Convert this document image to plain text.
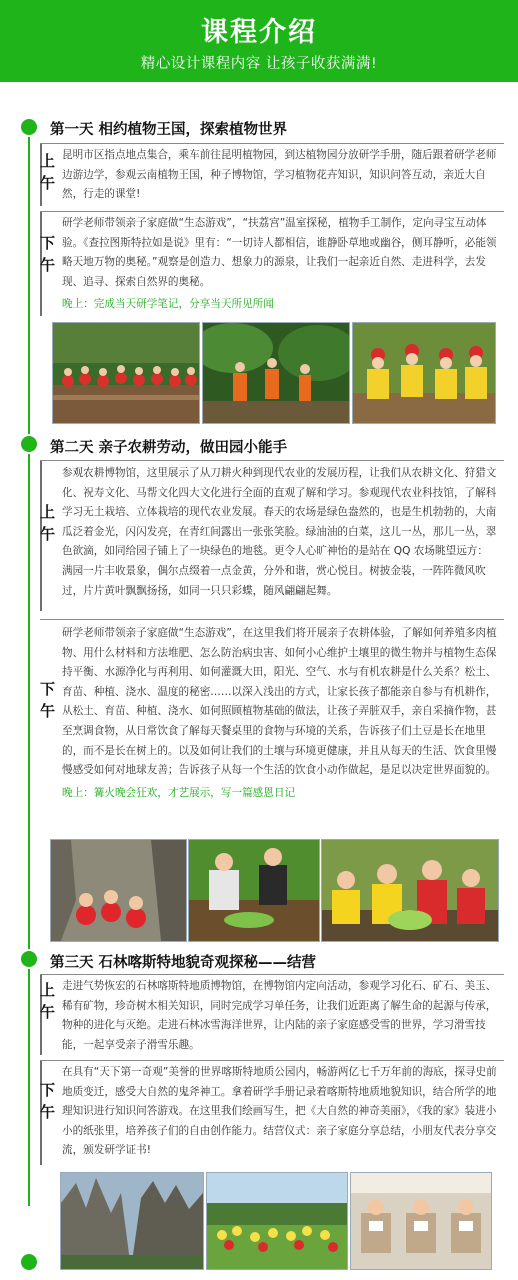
课程介绍
精心设计课程内容 让孩子收获满满!
第一天 相约植物王国，探索植物世界
上
午
昆明市区指点地点集合，乘车前往昆明植物园，到达植物园分放研学手册，随后跟着研学老师边游边学，参观云南植物王国，种子博物馆，学习植物花卉知识，知识问答互动，亲近大自然，行走的课堂!
下
午
研学老师带领亲子家庭做“生态游戏”，“扶荔宫”温室探秘，植物手工制作，定向寻宝互动体验。《查拉图斯特拉如是说》里有：“一切诗人都相信，谁静卧草地或幽谷，侧耳静听，必能领略天地万物的奥秘。”观察是创造力、想象力的源泉，让我们一起亲近自然、走进科学，去发现、追寻、探索自然界的奥秘。
晚上：完成当天研学笔记，分享当天所见所闻
第二天 亲子农耕劳动，做田园小能手
上
午
参观农耕博物馆，这里展示了从刀耕火种到现代农业的发展历程，让我们从农耕文化、狩猎文化、祝寿文化、马帮文化四大文化进行全面的直观了解和学习。参观现代农业科技馆，了解科学习无土栽培、立体栽培的现代农业发展。春天的农场是绿色盎然的，也是生机勃勃的，大南瓜泛着金光，闪闪发亮，在青红间露出一张张笑脸。绿油油的白菜，这儿一丛，那儿一丛，翠色欲滴，如同给园子铺上了一块绿色的地毯。更令人心旷神怡的是站在 QQ 农场眺望远方：满园一片丰收景象，偶尔点缀着一点金黄，分外和谐，赏心悦目。树披金装，一阵阵微风吹过，片片黄叶飘飘扬扬，如同一只只彩蝶，随风翩翩起舞。
下
午
研学老师带领亲子家庭做“生态游戏”，在这里我们将开展亲子农耕体验，了解如何养殖多肉植物、用什么材料和方法堆肥、怎么防治病虫害、如何小心维护土壤里的微生物并与植物生态保持平衡、水源净化与再利用、如何灌溉大田，阳光、空气、水与有机农耕是什么关系？松土、育苗、种植、浇水、温度的秘密……以深入浅出的方式，让家长孩子都能亲自参与有机耕作，从松土、育苗、种植、浇水、如何照顾植物基础的做法，让孩子弄脏双手，亲自采摘作物，甚至烹调食物，从日常饮食了解每天餐桌里的食物与环境的关系，告诉孩子们土豆是长在地里的，而不是长在树上的。以及如何让我们的土壤与环境更健康，并且从每天的生活、饮食里慢慢感受如何对地球友善；告诉孩子从每一个生活的饮食小动作做起，是足以决定世界面貌的。
晚上：篝火晚会狂欢，才艺展示，写一篇感恩日记
第三天 石林喀斯特地貌奇观探秘——结营
上
午
走进气势恢宏的石林喀斯特地质博物馆，在博物馆内定向活动，参观学习化石、矿石、美玉、稀有矿物，珍奇树木相关知识，同时完成学习单任务，让我们近距离了解生命的起源与传承，物种的进化与灭绝。走进石林冰雪海洋世界，让内陆的亲子家庭感受雪的世界，学习滑雪技能，一起享受亲子滑雪乐趣。
下
午
在具有“天下第一奇观”美誉的世界喀斯特地质公园内，畅游两亿七千万年前的海底，探寻史前地质变迁，感受大自然的鬼斧神工。拿着研学手册记录着喀斯特地质地貌知识，结合所学的地理知识进行知识问答游戏。在这里我们绘画写生，把《大自然的神奇美丽》，《我的家》装进小小的纸张里，培养孩子们的自由创作能力。结营仪式：亲子家庭分享总结，小朋友代表分享交流，颁发研学证书!
